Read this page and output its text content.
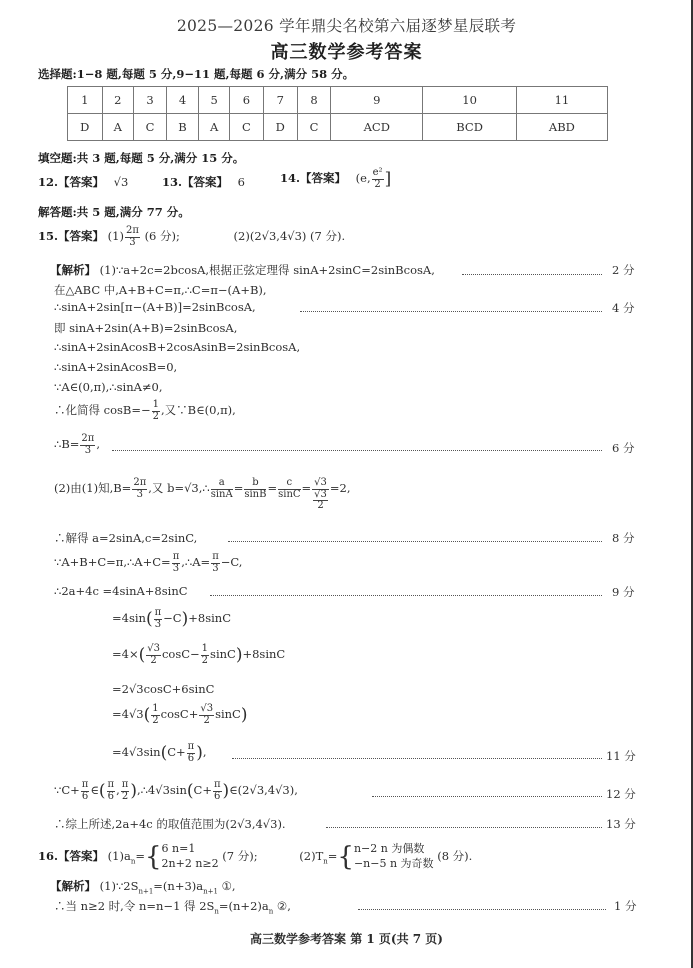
2025—2026 学年鼎尖名校第六届逐梦星辰联考
高三数学参考答案
选择题:1−8 题,每题 5 分,9−11 题,每题 6 分,满分 58 分。
1	2	3	4	5	6	7	8	9	10	11
D	A	C	B	A	C	D	C	ACD	BCD	ABD
填空题:共 3 题,每题 5 分,满分 15 分。
12.【答案】 √3	13.【答案】 6	14.【答案】 (e, $\frac{\text{e²}}{2}$ ]
解答题:共 5 题,满分 77 分。
15.【答案】 $(1) \frac{2\pi}{3} (6$ 分);	(2)(2√3,4√3) (7 分).
【解析】 (1)∵a+2c=2bcosA,根据正弦定理得 sinA+2sinC=2sinBcosA,	2 分
在△ABC 中,A+B+C=π,∴C=π−(A+B),
∴sinA+2sin[π−(A+B)]=2sinBcosA,	4 分
即 sinA+2sin(A+B)=2sinBcosA,
∴sinA+2sinAcosB+2cosAsinB=2sinBcosA,
∴sinA+2sinAcosB=0,
∵A∈(0,π),∴sinA≠0,
∴化简得 $\cos B=- \frac{1}{2}$ ,又∵B∈(0,π),
∴B= $\frac{2\pi}{3}$ ,	6 分
(2)由(1)知$,B= \frac{2\pi}{3}$ ,又 b=√3,∴ $\frac{a}{\sin A} = \frac{b}{\sin B} = \frac{c}{\sin C} = √3$
√3
2 =2,
∴解得 a=2sinA,c=2sinC,	8 分
∵A+B+C=π,∴A+C= $\frac{\pi}{3}$ ,∴A= $\frac{\pi}{3} -C$,
∴2a+4c =4sinA+8sinC	9 分
$=4\sin( \frac{\pi}{3} -C)+8\sin C$
$=4\times( \frac{√3}{2} \cos C- \frac{1}{2} \sin C)+8\sin C$
=2√3cosC+6sinC
$=4√3( \frac{1}{2} \cos C+ \frac{√3}{2} \sin C)$
$=4√3\sin(C+ \frac{\pi}{6}$ ),	11 分
∵C+ $\frac{\pi}{6}$ ∈( $\frac{\pi}{6}$ , $\frac{\pi}{2}$ ),∴4√3sin(C+ $\frac{\pi}{6}$ )∈(2√3,4√3),	12 分
∴综上所述,2a+4c 的取值范围为(2√3,4√3).	13 分
16.【答案】 $(1)a_n=${ 6 n=1
2n+2 n≥2
(7 分);	$(2)T_n=${ n−2 n 为偶数
−n−5 n 为奇数
(8 分).
【解析】 $(1)\because 2S_{n+1}=(n+3)a_{n+1}$ ①,
∴当 n≥2 时,令 n=n−1 得 $2S_n=(n+2)a_n$ ②,	1 分
高三数学参考答案 第 1 页(共 7 页)
